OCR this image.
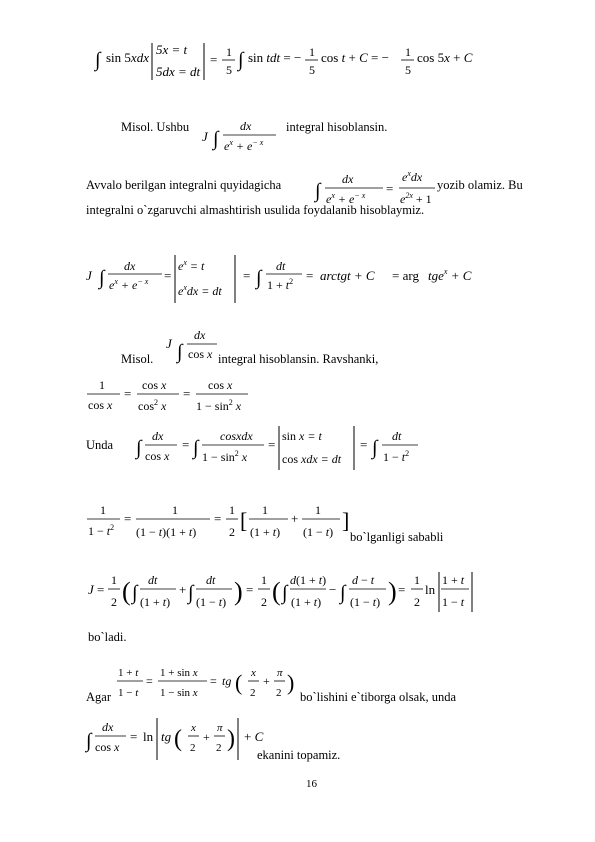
∫ sin 5xdx
5x = t
5dx = dt
= 1
5 ∫ sin tdt = − 1
5
cos t + C = − 1
5
cos 5x + C
Misol. Ushbu
J ∫
dx
$e^x + e^{- x}$
integral hisoblansin.
Avvalo berilgan integralni quyidagicha ∫
dx
$e^x + e^{- x}$ =
$e^xdx$
$e^{2x} + 1$
yozib olamiz. Bu
integralni o`zgaruvchi almashtirish usulida foydalanib hisoblaymiz.
J ∫
dx
$e^x + e^{- x}$ =
$e^x = t$
$e^xdx$ = dt
= ∫
dt
$1 + t^2$ = arctgt + C = arg tge$^x$ + C
Misol.
J ∫
dx
cos x integral hisoblansin. Ravshanki,
1
cos x
=
cos x
$\cos^2 x$
=
cos x
$1 - \sin^2 x$
Unda ∫
dx
cos x
= ∫
cosxdx
$1 - \sin^2 x$
=
sin x = t
cos xdx = dt
= ∫
dt
$1 - t^2$
1
$1 - t^2$
=
1
(1 − t)(1 + t)
=
1
2 [ 1
(1 + t)
+
1
(1 − t) ]
bo`lganligi sababli
J =
1
2 ( ∫
dt
(1 + t)
+ ∫
dt
(1 − t) ) =
1
2 ( ∫
d(1 + t)
(1 + t)
− ∫
d − t
(1 − t) ) =
1
2
ln
1 + t
1 − t
bo`ladi.
Agar
1 + t
1 − t
=
1 + sin x
1 − sin x
= tg ( x
2
+
π
2 )
bo`lishini e`tiborga olsak, unda
∫
dx
cos x
= ln tg ( x
2
+
π
2 ) + C
ekanini topamiz.
16
